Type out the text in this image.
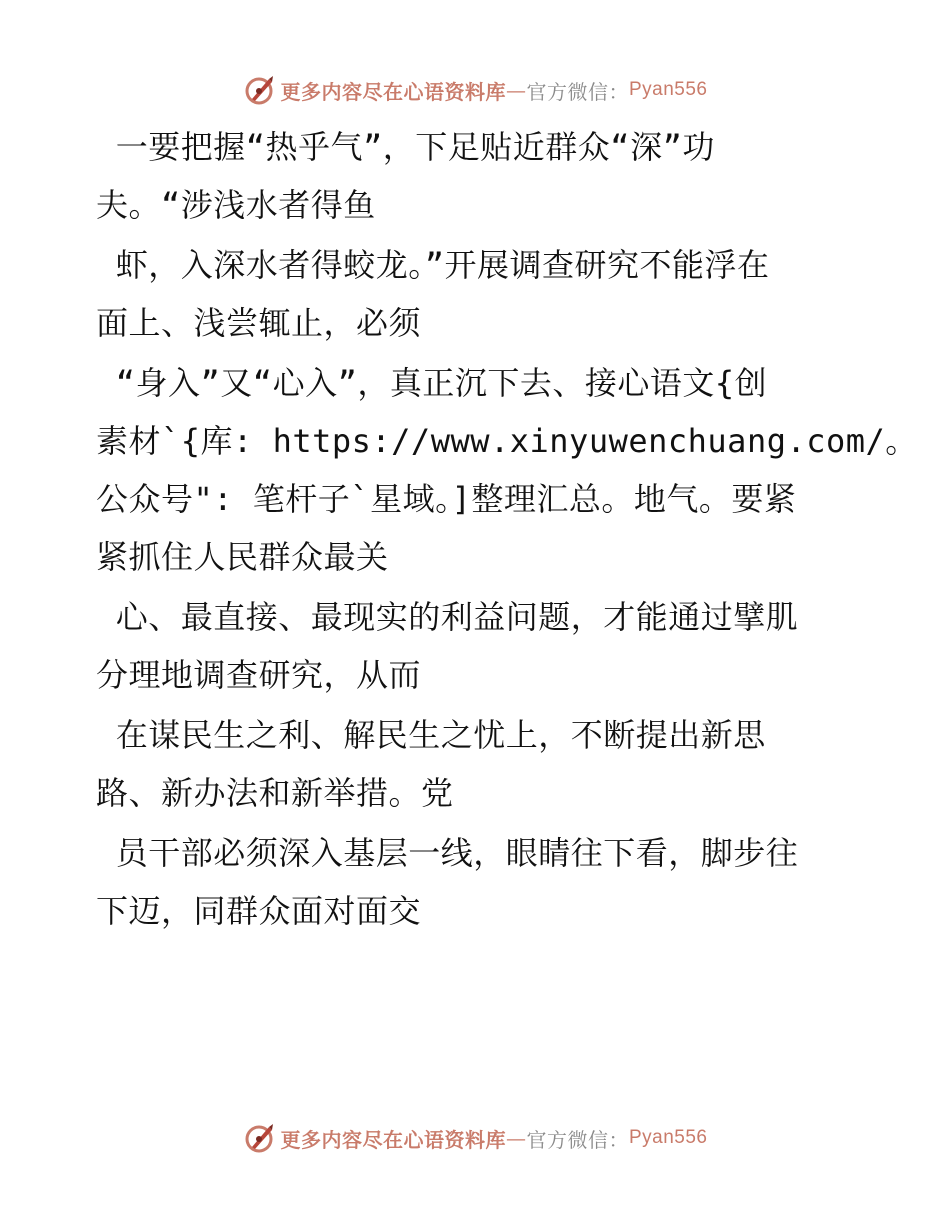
更多内容尽在心语资料库 — 官方微信： Pyan556
一要把握“热乎气”，下足贴近群众“深”功
夫。“涉浅水者得鱼
虾，入深水者得蛟龙。”开展调查研究不能浮在
面上、浅尝辄止，必须
“身入”又“心入”，真正沉下去、接心语文{创
素材`{库: https://www.xinyuwenchuang.com/。
公众号": 笔杆子`星域。]整理汇总。地气。要紧
紧抓住人民群众最关
心、最直接、最现实的利益问题，才能通过擘肌
分理地调查研究，从而
在谋民生之利、解民生之忧上，不断提出新思
路、新办法和新举措。党
员干部必须深入基层一线，眼睛往下看，脚步往
下迈，同群众面对面交
更多内容尽在心语资料库 — 官方微信： Pyan556
